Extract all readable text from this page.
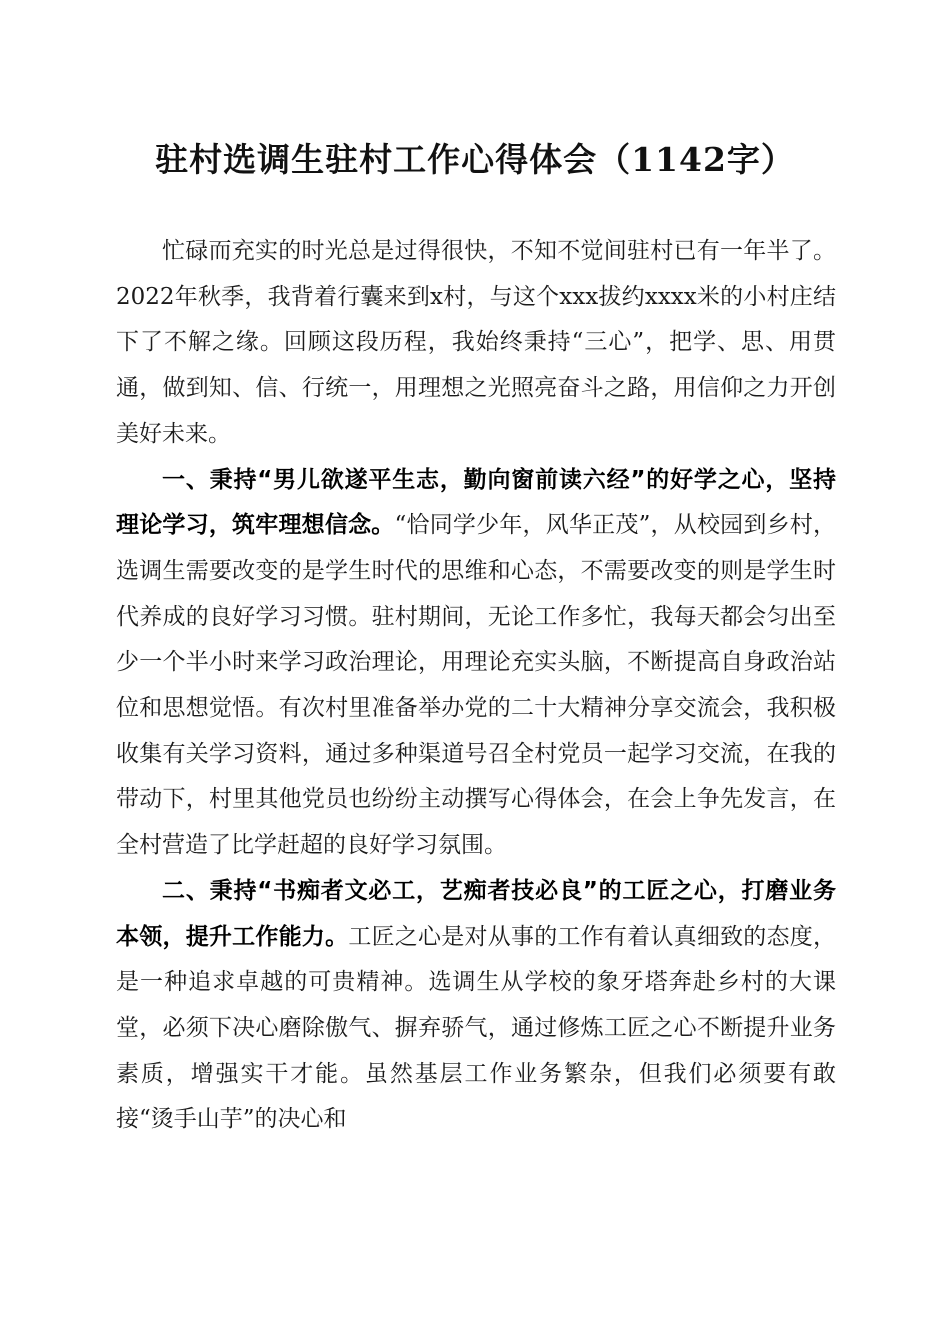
驻村选调生驻村工作心得体会（1142字）

忙碌而充实的时光总是过得很快，不知不觉间驻村已有一年半了。2022年秋季，我背着行囊来到x村，与这个xxx拔约xxxx米的小村庄结下了不解之缘。回顾这段历程，我始终秉持“三心”，把学、思、用贯通，做到知、信、行统一，用理想之光照亮奋斗之路，用信仰之力开创美好未来。

一、秉持“男儿欲遂平生志，勤向窗前读六经”的好学之心，坚持理论学习，筑牢理想信念。“恰同学少年，风华正茂”，从校园到乡村，选调生需要改变的是学生时代的思维和心态，不需要改变的则是学生时代养成的良好学习习惯。驻村期间，无论工作多忙，我每天都会匀出至少一个半小时来学习政治理论，用理论充实头脑，不断提高自身政治站位和思想觉悟。有次村里准备举办党的二十大精神分享交流会，我积极收集有关学习资料，通过多种渠道号召全村党员一起学习交流，在我的带动下，村里其他党员也纷纷主动撰写心得体会，在会上争先发言，在全村营造了比学赶超的良好学习氛围。

二、秉持“书痴者文必工，艺痴者技必良”的工匠之心，打磨业务本领，提升工作能力。工匠之心是对从事的工作有着认真细致的态度，是一种追求卓越的可贵精神。选调生从学校的象牙塔奔赴乡村的大课堂，必须下决心磨除傲气、摒弃骄气，通过修炼工匠之心不断提升业务素质，增强实干才能。虽然基层工作业务繁杂，但我们必须要有敢接“烫手山芋”的决心和
